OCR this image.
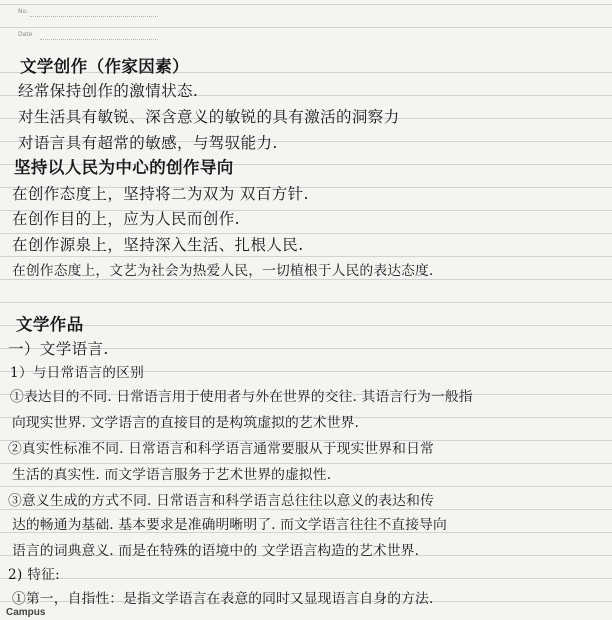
No.
Date
文学创作（作家因素）
经常保持创作的激情状态.
对生活具有敏锐、深含意义的敏锐的具有激活的洞察力
对语言具有超常的敏感，与驾驭能力.
坚持以人民为中心的创作导向
在创作态度上，坚持将二为双为 双百方针.
在创作目的上，应为人民而创作.
在创作源泉上，坚持深入生活、扎根人民.
在创作态度上，文艺为社会为热爱人民，一切植根于人民的表达态度.
文学作品
一）文学语言.
1）与日常语言的区别
①表达目的不同. 日常语言用于使用者与外在世界的交往. 其语言行为一般指
向现实世界. 文学语言的直接目的是构筑虚拟的艺术世界.
②真实性标准不同. 日常语言和科学语言通常要服从于现实世界和日常
生活的真实性. 而文学语言服务于艺术世界的虚拟性.
③意义生成的方式不同. 日常语言和科学语言总往往以意义的表达和传
达的畅通为基础. 基本要求是准确明晰明了. 而文学语言往往不直接导向
语言的词典意义. 而是在特殊的语境中的 文学语言构造的艺术世界.
2) 特征:
①第一，自指性：是指文学语言在表意的同时又显现语言自身的方法.
Campus
